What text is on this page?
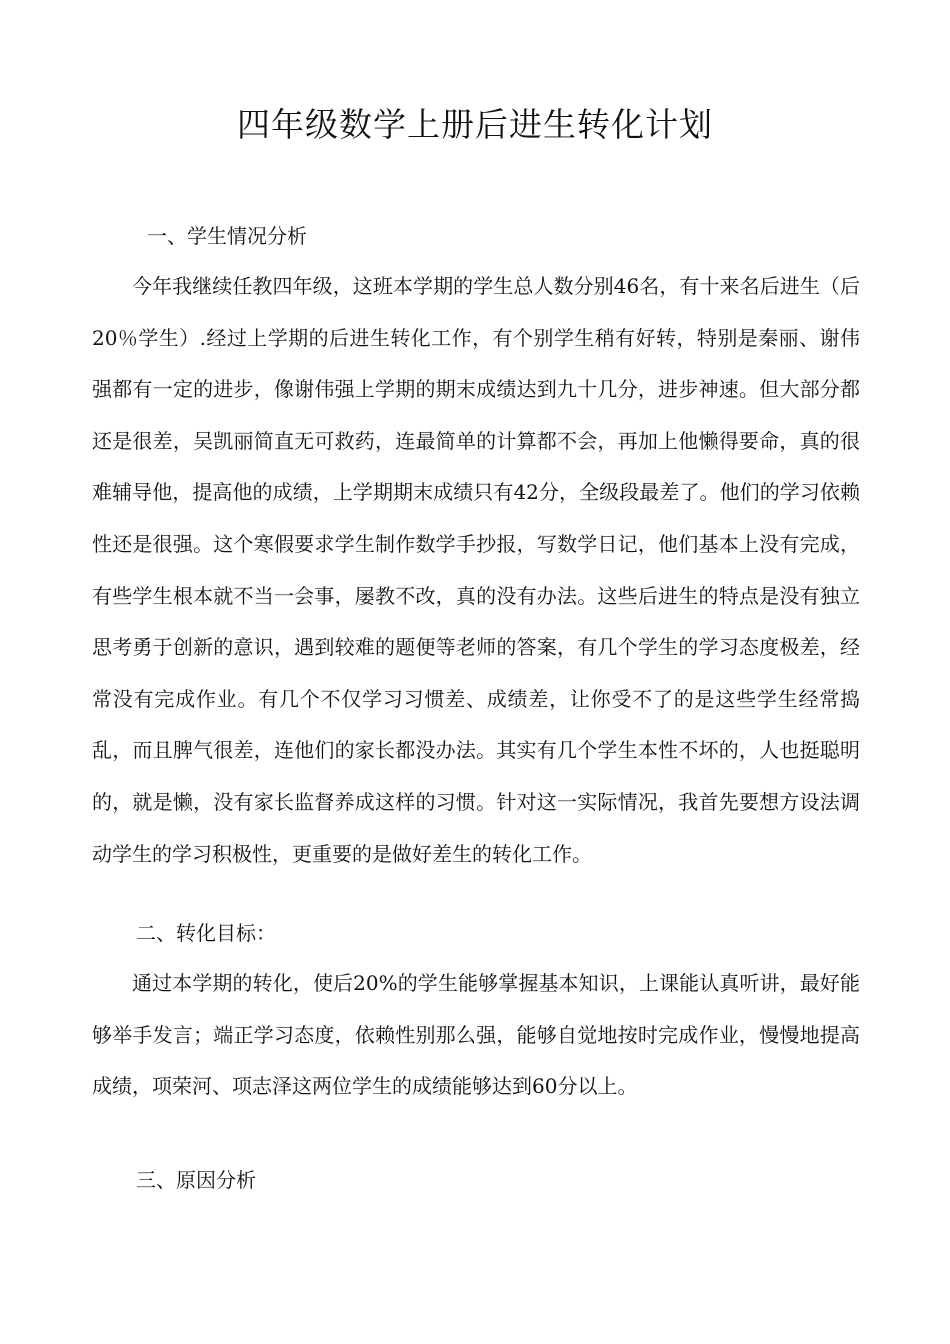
四年级数学上册后进生转化计划

一、学生情况分析

今年我继续任教四年级，这班本学期的学生总人数分别46名，有十来名后进生（后20％学生）.经过上学期的后进生转化工作，有个别学生稍有好转，特别是秦丽、谢伟强都有一定的进步，像谢伟强上学期的期末成绩达到九十几分，进步神速。但大部分都还是很差，吴凯丽简直无可救药，连最简单的计算都不会，再加上他懒得要命，真的很难辅导他，提高他的成绩，上学期期末成绩只有42分，全级段最差了。他们的学习依赖性还是很强。这个寒假要求学生制作数学手抄报，写数学日记，他们基本上没有完成，有些学生根本就不当一会事，屡教不改，真的没有办法。这些后进生的特点是没有独立思考勇于创新的意识，遇到较难的题便等老师的答案，有几个学生的学习态度极差，经常没有完成作业。有几个不仅学习习惯差、成绩差，让你受不了的是这些学生经常捣乱，而且脾气很差，连他们的家长都没办法。其实有几个学生本性不坏的，人也挺聪明的，就是懒，没有家长监督养成这样的习惯。针对这一实际情况，我首先要想方设法调动学生的学习积极性，更重要的是做好差生的转化工作。

二、转化目标：

通过本学期的转化，使后20%的学生能够掌握基本知识，上课能认真听讲，最好能够举手发言；端正学习态度，依赖性别那么强，能够自觉地按时完成作业，慢慢地提高成绩，项荣河、项志泽这两位学生的成绩能够达到60分以上。

三、原因分析
